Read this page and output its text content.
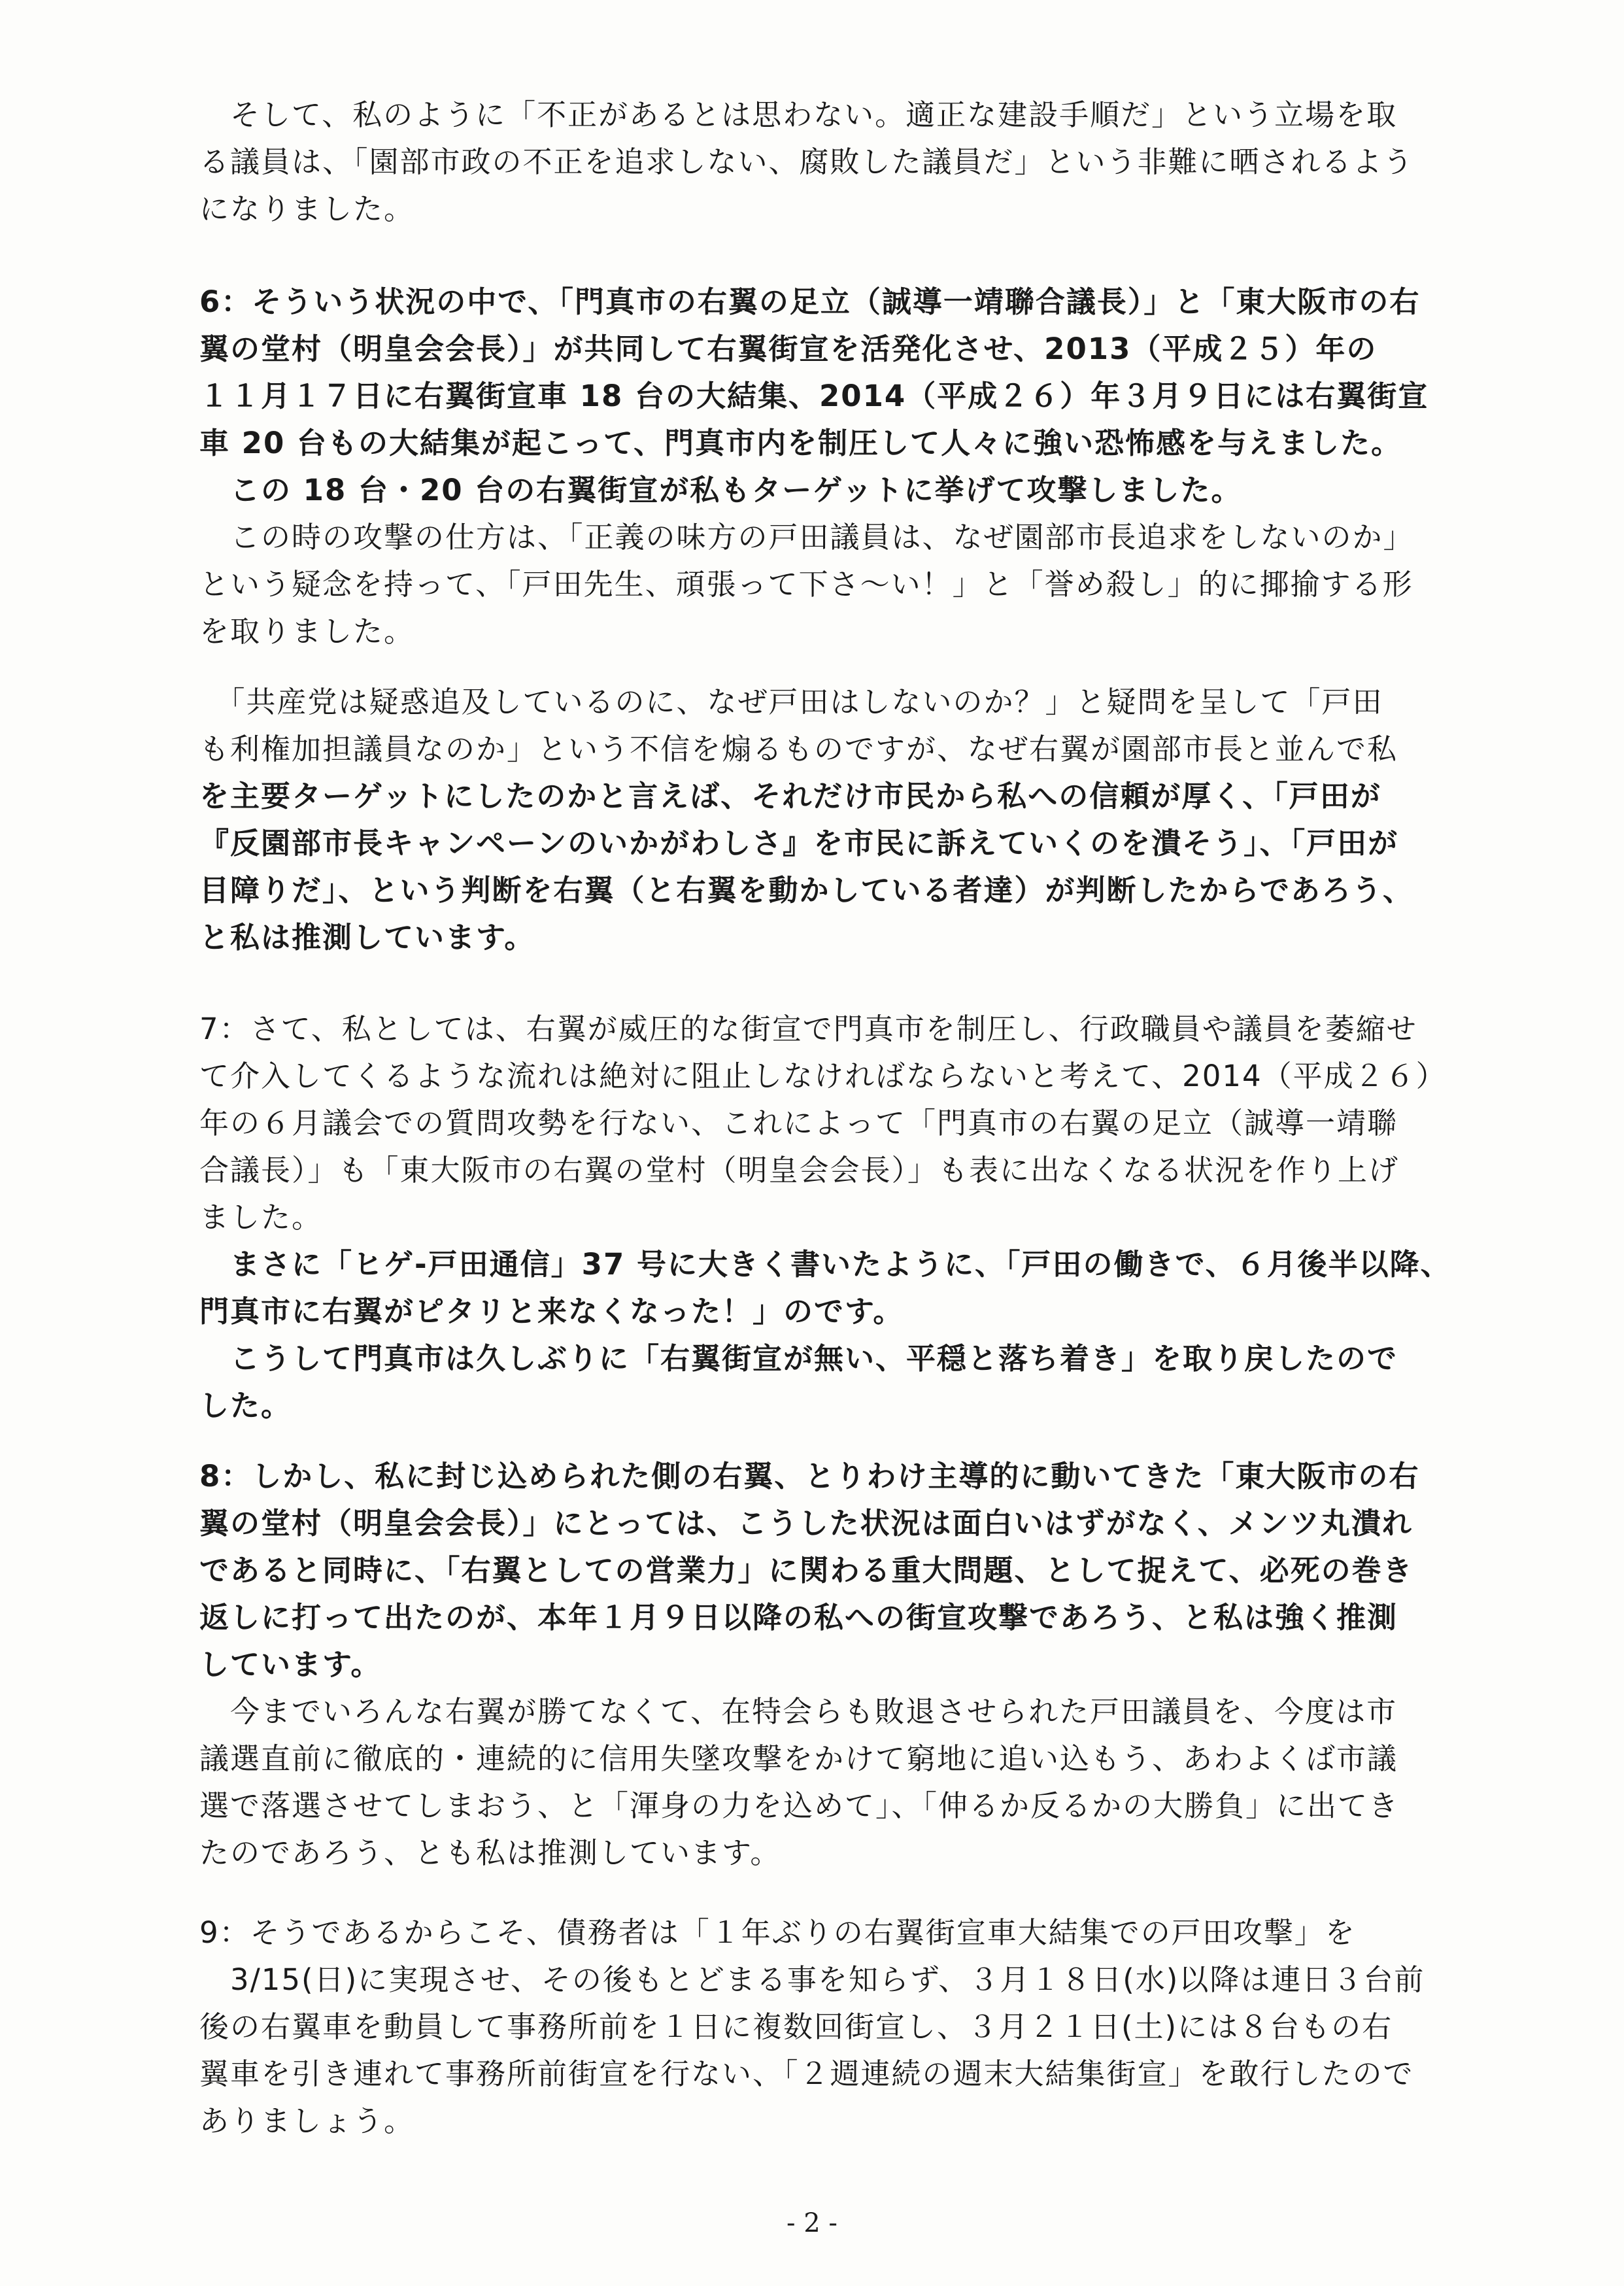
　そして、私のように「不正があるとは思わない。適正な建設手順だ」という立場を取
る議員は、「園部市政の不正を追求しない、腐敗した議員だ」という非難に晒されるよう
になりました。
6：そういう状況の中で、「門真市の右翼の足立（誠導一靖聯合議長）」と「東大阪市の右
翼の堂村（明皇会会長）」が共同して右翼街宣を活発化させ、2013（平成２５）年の
１１月１７日に右翼街宣車 18 台の大結集、2014（平成２６）年３月９日には右翼街宣
車 20 台もの大結集が起こって、門真市内を制圧して人々に強い恐怖感を与えました。
　この 18 台・20 台の右翼街宣が私もターゲットに挙げて攻撃しました。
　この時の攻撃の仕方は、「正義の味方の戸田議員は、なぜ園部市長追求をしないのか」
という疑念を持って、「戸田先生、頑張って下さ〜い！」と「誉め殺し」的に揶揄する形
を取りました。
　「共産党は疑惑追及しているのに、なぜ戸田はしないのか？」と疑問を呈して「戸田
も利権加担議員なのか」という不信を煽るものですが、なぜ右翼が園部市長と並んで私
を主要ターゲットにしたのかと言えば、それだけ市民から私への信頼が厚く、「戸田が
『反園部市長キャンペーンのいかがわしさ』を市民に訴えていくのを潰そう」、「戸田が
目障りだ」、という判断を右翼（と右翼を動かしている者達）が判断したからであろう、
と私は推測しています。
7：さて、私としては、右翼が威圧的な街宣で門真市を制圧し、行政職員や議員を萎縮せ
て介入してくるような流れは絶対に阻止しなければならないと考えて、2014（平成２６）
年の６月議会での質問攻勢を行ない、これによって「門真市の右翼の足立（誠導一靖聯
合議長）」も「東大阪市の右翼の堂村（明皇会会長）」も表に出なくなる状況を作り上げ
ました。
　まさに「ヒゲ-戸田通信」37 号に大きく書いたように、「戸田の働きで、６月後半以降、
門真市に右翼がピタリと来なくなった！」のです。
　こうして門真市は久しぶりに「右翼街宣が無い、平穏と落ち着き」を取り戻したので
した。
8：しかし、私に封じ込められた側の右翼、とりわけ主導的に動いてきた「東大阪市の右
翼の堂村（明皇会会長）」にとっては、こうした状況は面白いはずがなく、メンツ丸潰れ
であると同時に、「右翼としての営業力」に関わる重大問題、として捉えて、必死の巻き
返しに打って出たのが、本年１月９日以降の私への街宣攻撃であろう、と私は強く推測
しています。
　今までいろんな右翼が勝てなくて、在特会らも敗退させられた戸田議員を、今度は市
議選直前に徹底的・連続的に信用失墜攻撃をかけて窮地に追い込もう、あわよくば市議
選で落選させてしまおう、と「渾身の力を込めて」、「伸るか反るかの大勝負」に出てき
たのであろう、とも私は推測しています。
9：そうであるからこそ、債務者は「１年ぶりの右翼街宣車大結集での戸田攻撃」を
　3/15(日)に実現させ、その後もとどまる事を知らず、３月１８日(水)以降は連日３台前
後の右翼車を動員して事務所前を１日に複数回街宣し、３月２１日(土)には８台もの右
翼車を引き連れて事務所前街宣を行ない、「２週連続の週末大結集街宣」を敢行したので
ありましょう。
- 2 -
